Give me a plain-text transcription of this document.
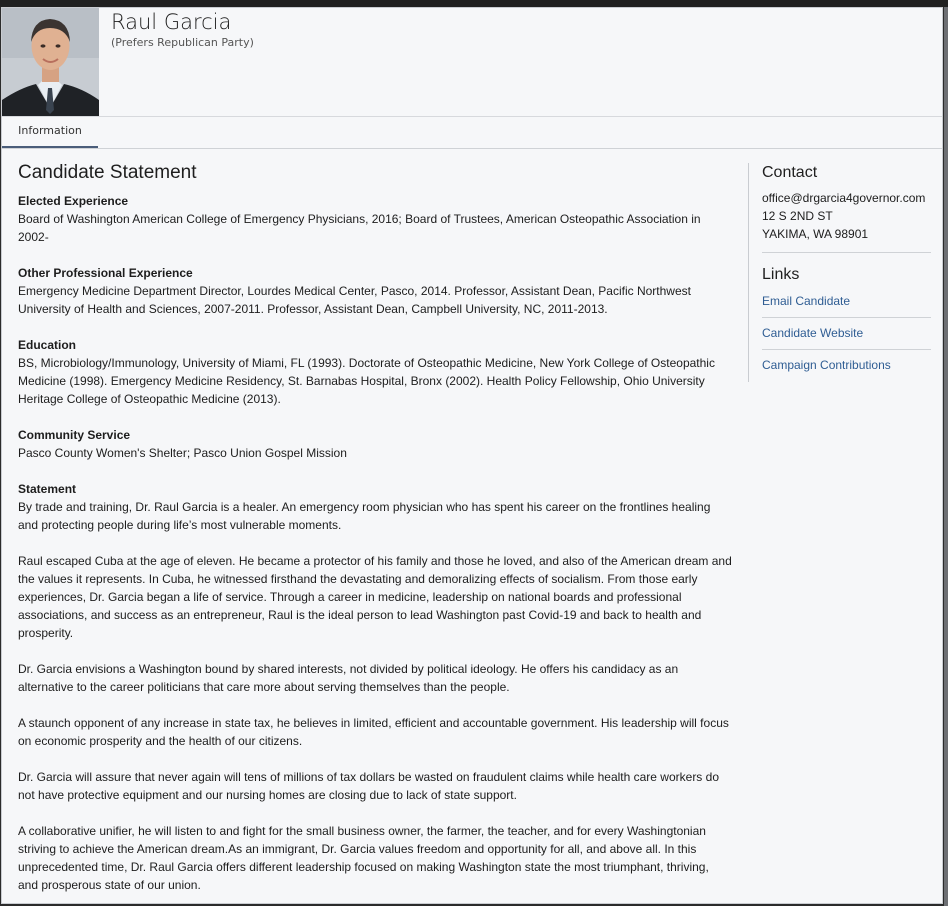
Raul Garcia
(Prefers Republican Party)
Information
Candidate Statement
Elected Experience
Board of Washington American College of Emergency Physicians, 2016; Board of Trustees, American Osteopathic Association in 2002-
Other Professional Experience
Emergency Medicine Department Director, Lourdes Medical Center, Pasco, 2014. Professor, Assistant Dean, Pacific Northwest University of Health and Sciences, 2007-2011. Professor, Assistant Dean, Campbell University, NC, 2011-2013.
Education
BS, Microbiology/Immunology, University of Miami, FL (1993). Doctorate of Osteopathic Medicine, New York College of Osteopathic Medicine (1998). Emergency Medicine Residency, St. Barnabas Hospital, Bronx (2002). Health Policy Fellowship, Ohio University Heritage College of Osteopathic Medicine (2013).
Community Service
Pasco County Women's Shelter; Pasco Union Gospel Mission
Statement

By trade and training, Dr. Raul Garcia is a healer. An emergency room physician who has spent his career on the frontlines healing and protecting people during life’s most vulnerable moments.

Raul escaped Cuba at the age of eleven. He became a protector of his family and those he loved, and also of the American dream and the values it represents. In Cuba, he witnessed firsthand the devastating and demoralizing effects of socialism. From those early experiences, Dr. Garcia began a life of service. Through a career in medicine, leadership on national boards and professional associations, and success as an entrepreneur, Raul is the ideal person to lead Washington past Covid-19 and back to health and prosperity.

Dr. Garcia envisions a Washington bound by shared interests, not divided by political ideology. He offers his candidacy as an alternative to the career politicians that care more about serving themselves than the people.

A staunch opponent of any increase in state tax, he believes in limited, efficient and accountable government. His leadership will focus on economic prosperity and the health of our citizens.

Dr. Garcia will assure that never again will tens of millions of tax dollars be wasted on fraudulent claims while health care workers do not have protective equipment and our nursing homes are closing due to lack of state support.

A collaborative unifier, he will listen to and fight for the small business owner, the farmer, the teacher, and for every Washingtonian striving to achieve the American dream.As an immigrant, Dr. Garcia values freedom and opportunity for all, and above all. In this unprecedented time, Dr. Raul Garcia offers different leadership focused on making Washington state the most triumphant, thriving, and prosperous state of our union.

Contact
office@drgarcia4governor.com
12 S 2ND ST
YAKIMA, WA 98901
Links
Email Candidate
Candidate Website
Campaign Contributions
